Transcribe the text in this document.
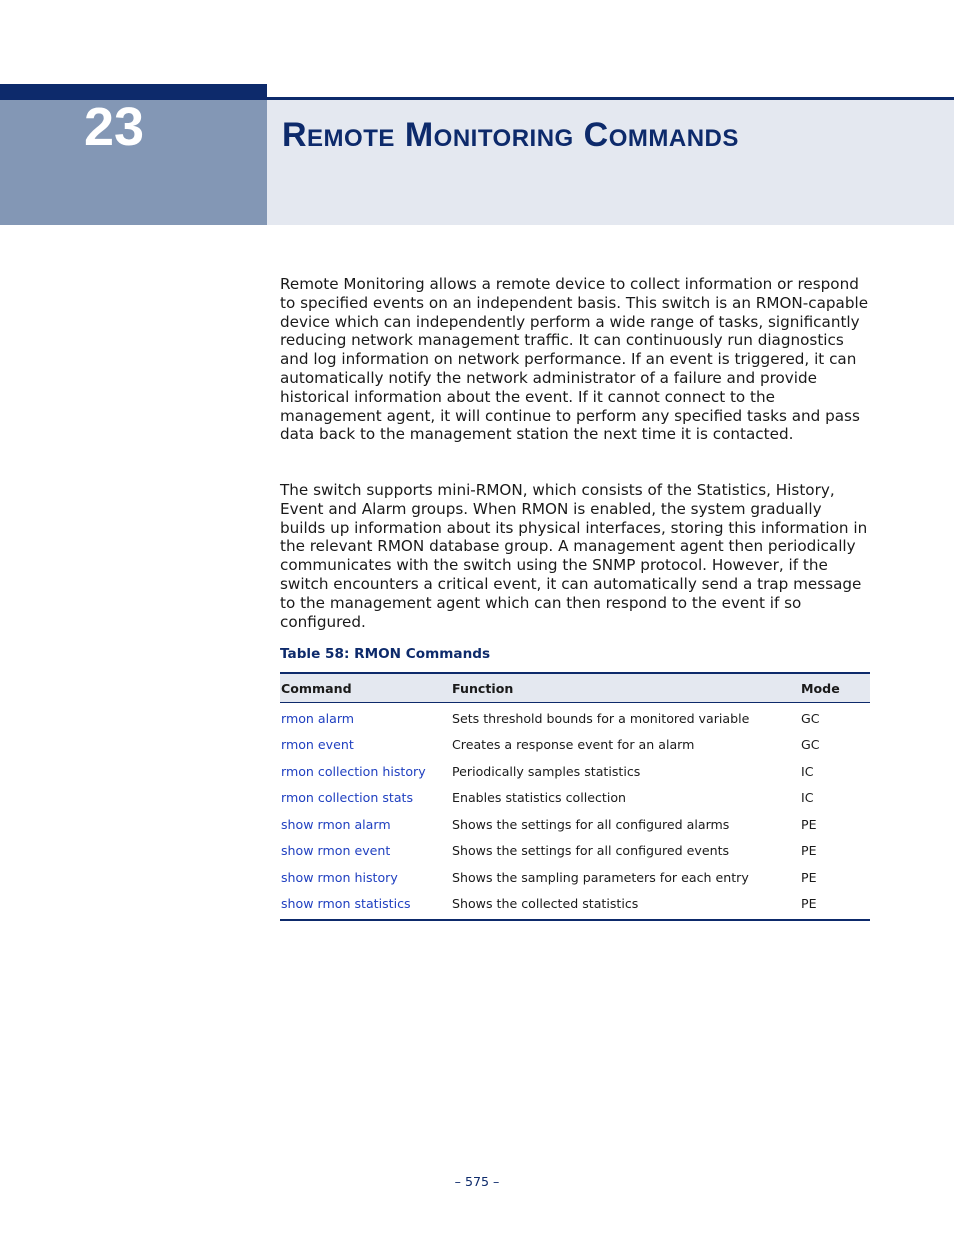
23	Remote Monitoring Commands

Remote Monitoring allows a remote device to collect information or respond to specified events on an independent basis. This switch is an RMON-capable device which can independently perform a wide range of tasks, significantly reducing network management traffic. It can continuously run diagnostics and log information on network performance. If an event is triggered, it can automatically notify the network administrator of a failure and provide historical information about the event. If it cannot connect to the management agent, it will continue to perform any specified tasks and pass data back to the management station the next time it is contacted.

The switch supports mini-RMON, which consists of the Statistics, History, Event and Alarm groups. When RMON is enabled, the system gradually builds up information about its physical interfaces, storing this information in the relevant RMON database group. A management agent then periodically communicates with the switch using the SNMP protocol. However, if the switch encounters a critical event, it can automatically send a trap message to the management agent which can then respond to the event if so configured.

Table 58: RMON Commands

Command	Function	Mode
rmon alarm	Sets threshold bounds for a monitored variable	GC
rmon event	Creates a response event for an alarm	GC
rmon collection history	Periodically samples statistics	IC
rmon collection stats	Enables statistics collection	IC
show rmon alarm	Shows the settings for all configured alarms	PE
show rmon event	Shows the settings for all configured events	PE
show rmon history	Shows the sampling parameters for each entry	PE
show rmon statistics	Shows the collected statistics	PE

– 575 –
